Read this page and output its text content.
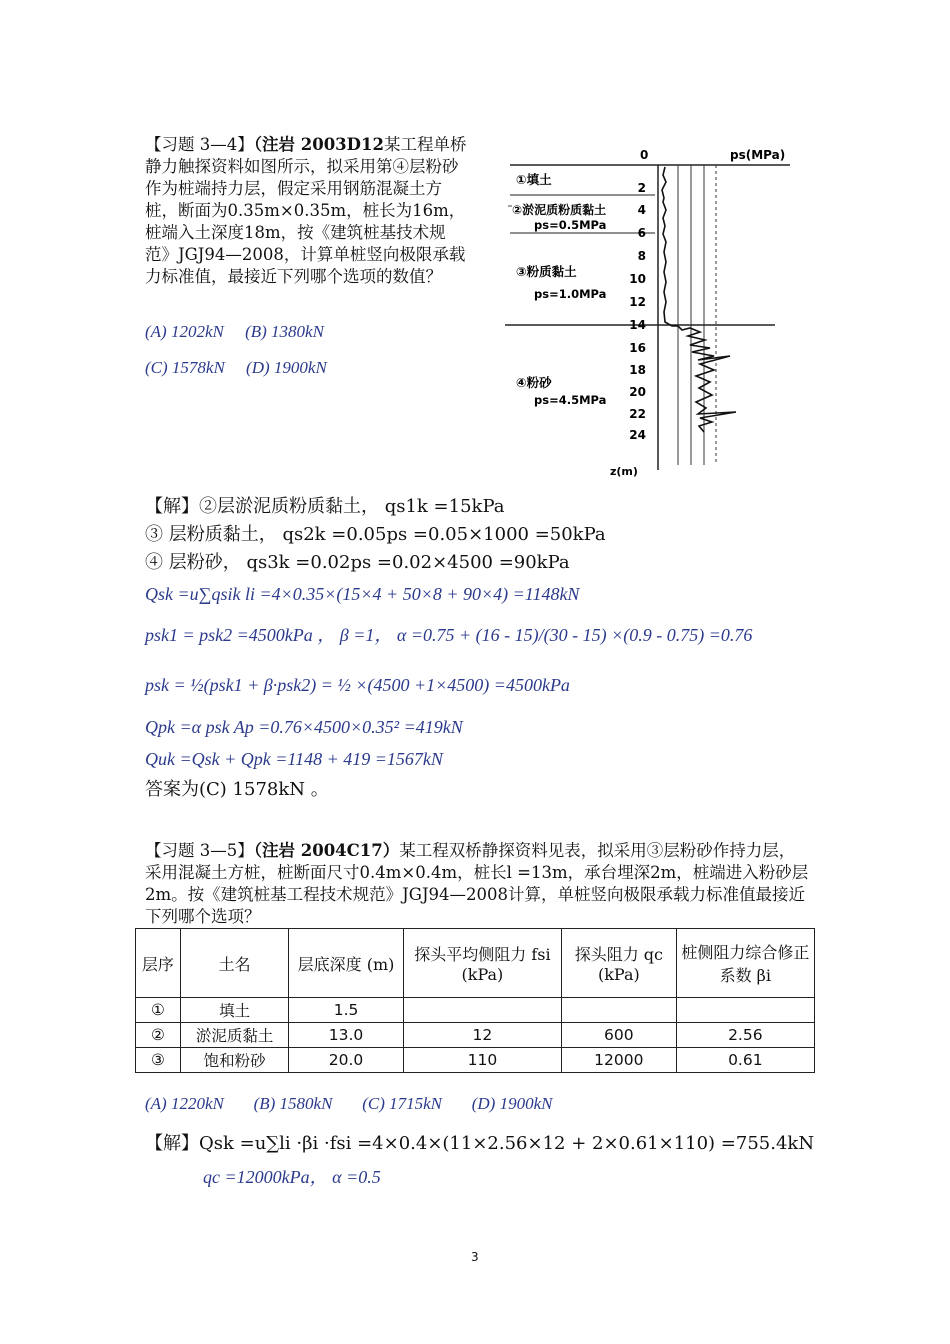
【习题 3—4】（注岩 2003D12某工程单桥静力触探资料如图所示，拟采用第④层粉砂作为桩端持力层，假定采用钢筋混凝土方桩，断面为0.35m×0.35m，桩长为16m，桩端入土深度18m，按《建筑桩基技术规范》JGJ94—2008，计算单桩竖向极限承载力标准值，最接近下列哪个选项的数值？

(A) 1202kN (B) 1380kN
(C) 1578kN (D) 1900kN
0	ps(MPa)
z(m)
2
4
6
8
10
12
14
16
18
20
22
24
①填土
②淤泥质粉质黏土
ps=0.5MPa
③粉质黏土
ps=1.0MPa
④粉砂
ps=4.5MPa
【解】②层淤泥质粉质黏土， qs1k =15kPa
③ 层粉质黏土， qs2k =0.05ps =0.05×1000 =50kPa
④ 层粉砂， qs3k =0.02ps =0.02×4500 =90kPa
Qsk =u∑qsik li =4×0.35×(15×4 + 50×8 + 90×4) =1148kN
psk1 = psk2 =4500kPa ， β =1， α =0.75 + (16 - 15)/(30 - 15) ×(0.9 - 0.75) =0.76
psk = ½(psk1 + β·psk2) = ½ ×(4500 +1×4500) =4500kPa
Qpk =α psk Ap =0.76×4500×0.35² =419kN
Quk =Qsk + Qpk =1148 + 419 =1567kN
答案为(C) 1578kN 。

【习题 3—5】（注岩 2004C17）某工程双桥静探资料见表，拟采用③层粉砂作持力层，采用混凝土方桩，桩断面尺寸0.4m×0.4m，桩长l =13m，承台埋深2m，桩端进入粉砂层2m。按《建筑桩基工程技术规范》JGJ94—2008计算，单桩竖向极限承载力标准值最接近下列哪个选项？

层序	土名	层底深度 (m)	探头平均侧阻力 fsi (kPa)	探头阻力 qc (kPa)	桩侧阻力综合修正系数 βi
①	填土	1.5			
②	淤泥质黏土	13.0	12	600	2.56
③	饱和粉砂	20.0	110	12000	0.61
(A) 1220kN (B) 1580kN (C) 1715kN (D) 1900kN
【解】Qsk =u∑li ·βi ·fsi =4×0.4×(11×2.56×12 + 2×0.61×110) =755.4kN
qc =12000kPa， α =0.5
3
